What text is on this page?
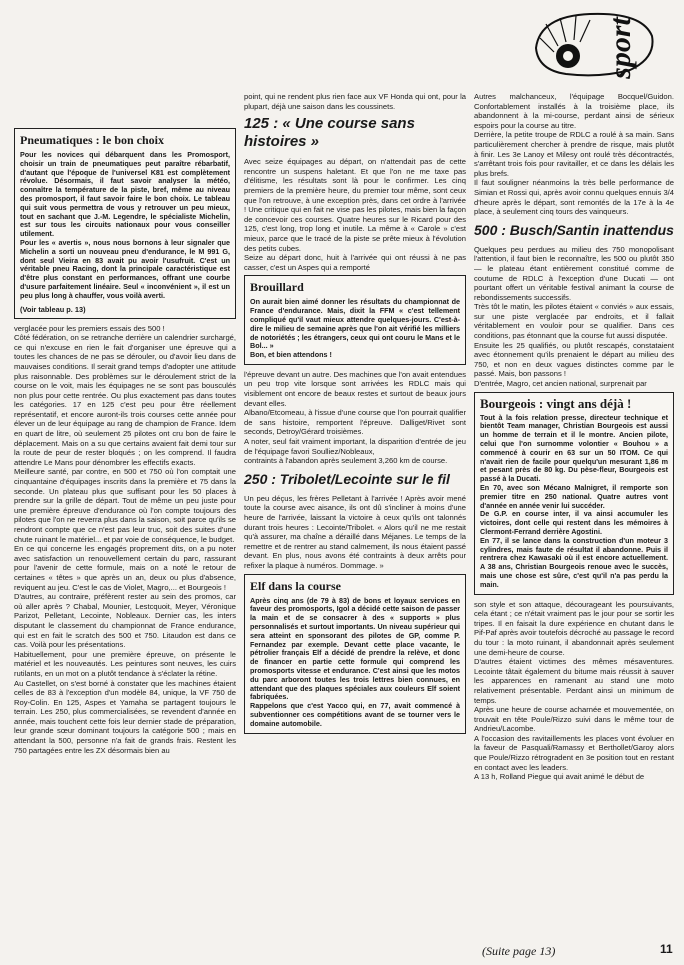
sport
Pneumatiques : le bon choix

Pour les novices qui débarquent dans les Promosport, choisir un train de pneumatiques peut paraître rébarbatif, d'autant que l'époque de l'universel K81 est complètement révolue. Désormais, il faut savoir analyser la météo, connaître la température de la piste, bref, même au niveau des promosport, il faut savoir faire le bon choix. Le tableau qui suit vous permettra de vous y retrouver un peu mieux, tout en sachant que J.-M. Legendre, le spécialiste Michelin, est sur tous les circuits nationaux pour vous conseiller utilement.
Pour les « avertis », nous nous bornons à leur signaler que Michelin a sorti un nouveau pneu d'endurance, le M 991 G, dont seul Vieira en 83 avait pu avoir l'usufruit. C'est un véritable pneu Racing, dont la principale caractéristique est d'être plus constant en performances, offrant une courbe d'usure parfaitement linéaire. Seul « inconvénient », il est un peu plus long à chauffer, vous voilà averti.

(Voir tableau p. 13)

verglacée pour les premiers essais des 500 !
Côté fédération, on se retranche derrière un calendrier surchargé, ce qui n'excuse en rien le fait d'organiser une épreuve qui a toutes les chances de ne pas se dérouler, ou d'avoir lieu dans de mauvaises conditions. Il serait grand temps d'adopter une attitude plus raisonnable. Des problèmes sur le déroulement strict de la course on le voit, mais les équipages ne se sont pas bousculés non plus pour cette rentrée. Ou plus exactement pas dans toutes les catégories. 17 en 125 c'est peu pour être réellement représentatif, et encore auront-ils trois courses cette année pour élever un de leur équipage au rang de champion de France. Idem en quart de litre, où seulement 25 pilotes ont cru bon de faire le déplacement. Mais on a su que certains avaient fait demi tour sur la route de peur de rester bloqués ; on les comprend. Il faudra attendre Le Mans pour dénombrer les effectifs exacts.
Meilleure santé, par contre, en 500 et 750 où l'on comptait une cinquantaine d'équipages inscrits dans la première et 75 dans la seconde. Un plateau plus que suffisant pour les 50 places à prendre sur la grille de départ. Tout de même un peu juste pour une première épreuve d'endurance où l'on compte toujours des pilotes que l'on ne reverra plus dans la saison, soit parce qu'ils se rendront compte que ce n'est pas leur truc, soit des suites d'une chute ruinant le matériel... et par voie de conséquence, le budget.
En ce qui concerne les engagés proprement dits, on a pu noter avec satisfaction un renouvellement certain du parc, rassurant pour l'avenir de cette formule, mais on a noté le retour de certaines « têtes » que après un an, deux ou plus d'absence, reviquent au jeu. C'est le cas de Violet, Magro,... et Bourgeois !
D'autres, au contraire, préfèrent rester au sein des promos, car où aller après ? Chabal, Mounier, Lestcquoit, Meyer, Véronique Parizot, Pelletant, Lecointe, Nobleaux. Dernier cas, les inters disputant le classement du championnat de France endurance, qui est en fait le scratch des 500 et 750. Litaudon est dans ce cas. Voilà pour les présentations.
Habituellement, pour une première épreuve, on présente le matériel et les nouveautés. Les peintures sont neuves, les cuirs rutilants, en un mot on a plutôt tendance à s'éclater la rétine.
Au Castellet, on s'est borné à constater que les machines étaient celles de 83 à l'exception d'un modèle 84, unique, la VF 750 de Roy-Colin. En 125, Aspes et Yamaha se partagent toujours le terrain. Les 250, plus commercialisées, se revendent d'année en année, mais touchent cette fois leur dernier stade de préparation, leur grande sœur dominant toujours la catégorie 500 ; mais en attendant la 500, personne n'a fait de grands frais. Restent les 750 partagées entre les ZX désormais bien au

point, qui ne rendent plus rien face aux VF Honda qui ont, pour la plupart, déjà une saison dans les coussinets.

125 : « Une course sans histoires »

Avec seize équipages au départ, on n'attendait pas de cette rencontre un suspens haletant. Et que l'on ne me taxe pas d'élitisme, les résultats sont là pour le confirmer. Les cinq premiers de la première heure, du premier tour même, sont ceux que l'on retrouve, à une exception près, dans cet ordre à l'arrivée ! Une critique qui en fait ne vise pas les pilotes, mais bien la façon de concevoir ces courses. Quatre heures sur le Ricard pour des 125, c'est long, trop long et inutile. La même à « Carole » c'est mieux, parce que le tracé de la piste se prête mieux à l'évolution des petits cubes.
Seize au départ donc, huit à l'arrivée qui ont réussi à ne pas casser, c'est un Aspes qui a remporté

Brouillard

On aurait bien aimé donner les résultats du championnat de France d'endurance. Mais, dixit la FFM « c'est tellement compliqué qu'il vaut mieux attendre quelques-jours. C'est-à-dire le milieu de semaine après que l'on ait vérifié les milliers de notoriétés ; les étrangers, ceux qui ont couru le Mans et le Bol... »
Bon, et bien attendons !

l'épreuve devant un autre. Des machines que l'on avait entendues un peu trop vite lorsque sont arrivées les RDLC mais qui visiblement ont encore de beaux restes et surtout de beaux jours devant elles.
Albano/Etcomeau, à l'issue d'une course que l'on pourrait qualifier de sans histoire, remportent l'épreuve. Dalliget/Rivet sont seconds, Detroy/Gérard troisièmes.
A noter, seul fait vraiment important, la disparition d'entrée de jeu de l'équipage favori Soulliez/Nobleaux,
contraints à l'abandon après seulement 3,260 km de course.

250 : Tribolet/Lecointe sur le fil

Un peu déçus, les frères Pelletant à l'arrivée ! Après avoir mené toute la course avec aisance, ils ont dû s'incliner à moins d'une heure de l'arrivée, laissant la victoire à ceux qu'ils ont talonnés durant trois heures : Lecointe/Tribolet. « Alors qu'il ne me restait qu'à assurer, ma chaîne a déraillé dans Méjanes. Le temps de la remettre et de rentrer au stand calmement, ils nous étaient passé devant. En plus, nous avons été contraints à deux arrêts pour refixer la plaque à numéros. Dommage. »

Elf dans la course

Après cinq ans (de 79 à 83) de bons et loyaux services en faveur des promosports, Igol a décidé cette saison de passer la main et de se consacrer à des « supports » plus personnalisés et surtout importants. Un niveau supérieur qui sera atteint en sponsorant des pilotes de GP, comme P. Fernandez par exemple. Devant cette place vacante, le pétrolier français Elf a décidé de prendre la relève, et donc de financer en partie cette formule qui comprend les promosports vitesse et endurance. C'est ainsi que les motos du parc arboront toutes les trois lettres bien connues, en attendant que des plaques spéciales aux couleurs Elf soient fabriquées.
Rappelons que c'est Yacco qui, en 77, avait commencé à subventionner ces compétitions avant de se tourner vers le domaine automobile.

Autres malchanceux, l'équipage Bocquel/Guidon. Confortablement installés à la troisième place, ils abandonnent à la mi-course, perdant ainsi de sérieux espoirs pour la course au titre.
Derrière, la petite troupe de RDLC a roulé à sa main. Sans particulièrement chercher à prendre de risque, mais plutôt à finir. Les 3e Lanoy et Milesy ont roulé très décontractés, s'arrêtant trois fois pour ravitailler, et ce dans les délais les plus brefs.
Il faut souligner néanmoins la très belle performance de Simian et Rossi qui, après avoir connu quelques ennuis 3/4 d'heure après le départ, sont remontés de la 17e à la 4e place, à seulement cinq tours des vainqueurs.

500 : Busch/Santin inattendus

Quelques peu perdues au milieu des 750 monopolisant l'attention, il faut bien le reconnaître, les 500 ou plutôt 350 — le plateau étant entièrement constitué comme de coutume de RDLC à l'exception d'une Ducati — ont pourtant offert un véritable festival animant la course de rebondissements successifs.
Très tôt le matin, les pilotes étaient « conviés » aux essais, sur une piste verglacée par endroits, et il fallait véritablement en vouloir pour se qualifier. Dans ces conditions, pas étonnant que la course fut aussi disputée.
Ensuite les 25 qualifiés, ou plutôt rescapés, constataient avec étonnement qu'ils prenaient le départ au milieu des 750, et non en deux vagues distinctes comme par le passé. Mais, bon passons !
D'entrée, Magro, cet ancien national, surprenait par

Bourgeois : vingt ans déjà !

Tout à la fois relation presse, directeur technique et bientôt Team manager, Christian Bourgeois est aussi un homme de terrain et il le montre. Ancien pilote, celui que l'on surnomme volontier « Bouhou » a commencé à courir en 63 sur un 50 ITOM. Ce qui n'avait rien de facile pour quelqu'un mesurant 1,86 m et pesant près de 80 kg. Du pèse-fleur, Bourgeois est passé à la Ducati.
En 70, avec son Mécano Malnigret, il remporte son premier titre en 250 national. Quatre autres vont d'année en année venir lui succéder.
De G.P. en course inter, il va ainsi accumuler les victoires, dont celle qui restent dans les mémoires à Clermont-Ferrand derrière Agostini.
En 77, il se lance dans la construction d'un moteur 3 cylindres, mais faute de résultat il abandonne. Puis il rentrera chez Kawasaki où il est encore actuellement. A 38 ans, Christian Bourgeois renoue avec le succès, mais une chose est sûre, c'est qu'il n'a pas perdu la main.

son style et son attaque, décourageant les poursuivants, cela étant ; ce n'était vraiment pas le jour pour se sortir les tripes. Il en faisait la dure expérience en chutant dans le Pif-Paf après avoir toutefois décroché au passage le record du tour : la moto ruinant, il abandonnait après seulement une demi-heure de course.
D'autres étaient victimes des mêmes mésaventures. Lecointe tâtait également du bitume mais réussit à sauver les apparences en ramenant au stand une moto relativement présentable. Perdant ainsi un minimum de temps.
Après une heure de course acharnée et mouvementée, on trouvait en tête Poule/Rizzo suivi dans le même tour de Andrieu/Lacombe.
A l'occasion des ravitaillements les places vont évoluer en la faveur de Pasquali/Ramassy et Berthollet/Garoy alors que Poule/Rizzo rétrogradent en 3e position tout en restant en contact avec les leaders.
A 13 h, Rolland Piegue qui avait animé le début de

(Suite page 13)	11
